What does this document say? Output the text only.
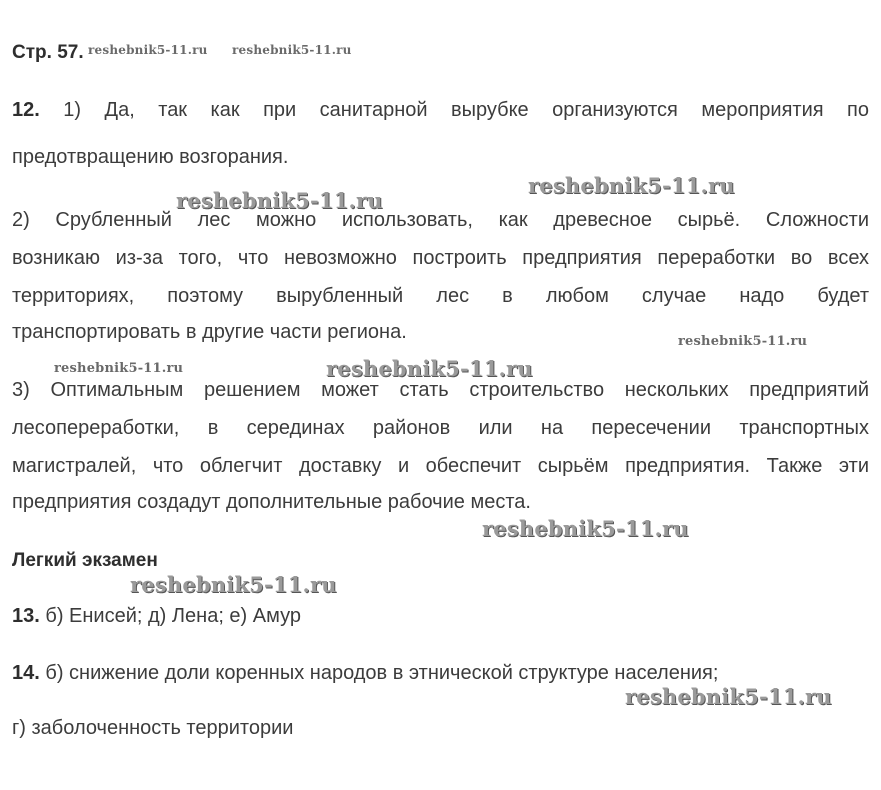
Стр. 57.
12. 1) Да, так как при санитарной вырубке организуются мероприятия по
предотвращению возгорания.
2) Срубленный лес можно использовать, как древесное сырьё. Сложности
возникаю из-за того, что невозможно построить предприятия переработки во всех
территориях, поэтому вырубленный лес в любом случае надо будет
транспортировать в другие части региона.
3) Оптимальным решением может стать строительство нескольких предприятий
лесопереработки, в серединах районов или на пересечении транспортных
магистралей, что облегчит доставку и обеспечит сырьём предприятия. Также эти
предприятия создадут дополнительные рабочие места.
Легкий экзамен
13. б) Енисей; д) Лена; е) Амур
14. б) снижение доли коренных народов в этнической структуре населения;
г) заболоченность территории
reshebnik5-11.ru reshebnik5-11.ru
reshebnik5-11.ru
reshebnik5-11.ru
reshebnik5-11.ru
reshebnik5-11.ru	reshebnik5-11.ru
reshebnik5-11.ru
reshebnik5-11.ru
reshebnik5-11.ru
